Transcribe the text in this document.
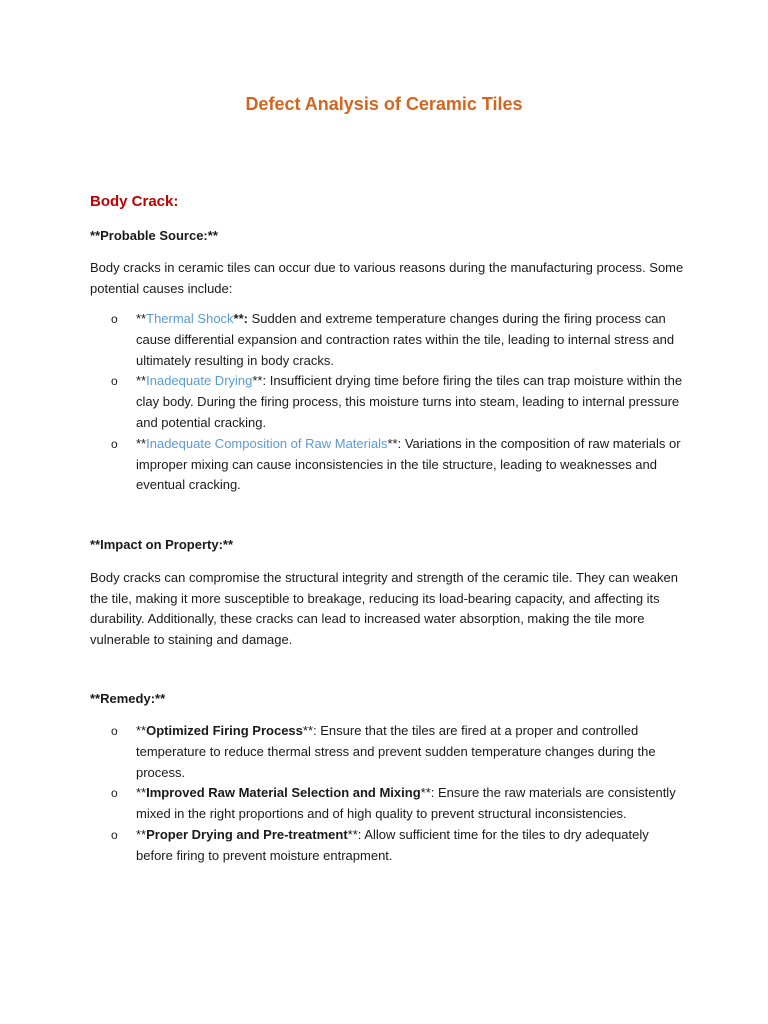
Defect Analysis of Ceramic Tiles
Body Crack:
**Probable Source:**
Body cracks in ceramic tiles can occur due to various reasons during the manufacturing process. Some potential causes include:
o **Thermal Shock**: Sudden and extreme temperature changes during the firing process can cause differential expansion and contraction rates within the tile, leading to internal stress and ultimately resulting in body cracks.
o **Inadequate Drying**: Insufficient drying time before firing the tiles can trap moisture within the clay body. During the firing process, this moisture turns into steam, leading to internal pressure and potential cracking.
o **Inadequate Composition of Raw Materials**: Variations in the composition of raw materials or improper mixing can cause inconsistencies in the tile structure, leading to weaknesses and eventual cracking.
**Impact on Property:**
Body cracks can compromise the structural integrity and strength of the ceramic tile. They can weaken the tile, making it more susceptible to breakage, reducing its load-bearing capacity, and affecting its durability. Additionally, these cracks can lead to increased water absorption, making the tile more vulnerable to staining and damage.
**Remedy:**
o **Optimized Firing Process**: Ensure that the tiles are fired at a proper and controlled temperature to reduce thermal stress and prevent sudden temperature changes during the process.
o **Improved Raw Material Selection and Mixing**: Ensure the raw materials are consistently mixed in the right proportions and of high quality to prevent structural inconsistencies.
o **Proper Drying and Pre-treatment**: Allow sufficient time for the tiles to dry adequately before firing to prevent moisture entrapment.
